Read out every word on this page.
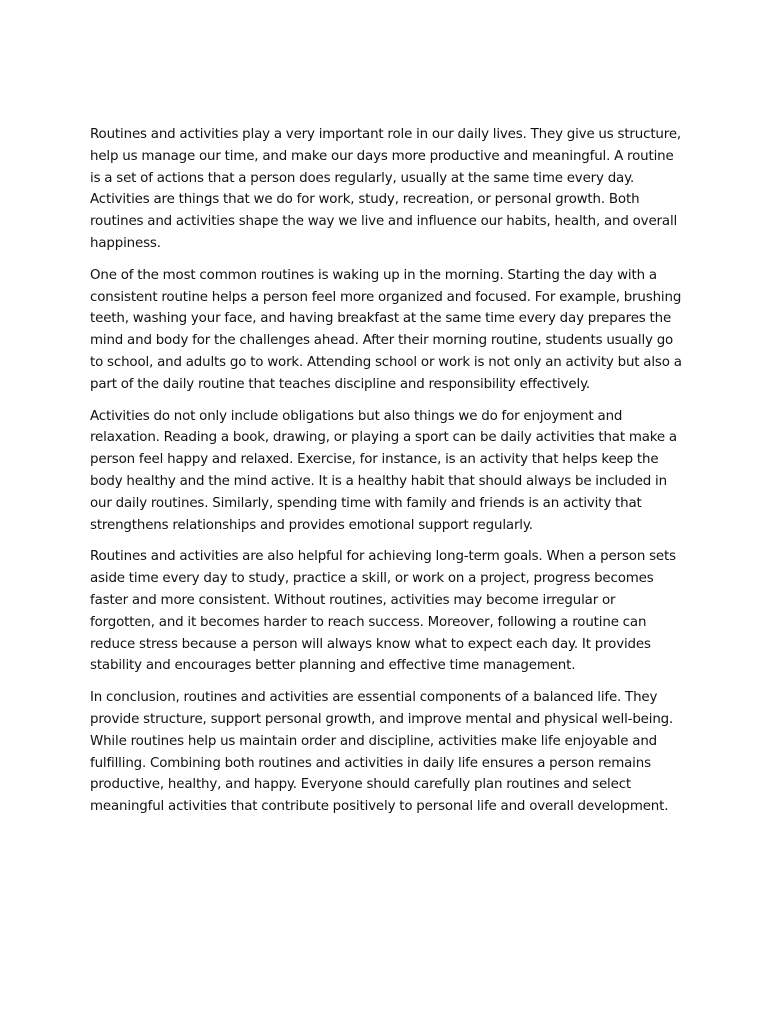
Routines and activities play a very important role in our daily lives. They give us structure, help us manage our time, and make our days more productive and meaningful. A routine is a set of actions that a person does regularly, usually at the same time every day. Activities are things that we do for work, study, recreation, or personal growth. Both routines and activities shape the way we live and influence our habits, health, and overall happiness.

One of the most common routines is waking up in the morning. Starting the day with a consistent routine helps a person feel more organized and focused. For example, brushing teeth, washing your face, and having breakfast at the same time every day prepares the mind and body for the challenges ahead. After their morning routine, students usually go to school, and adults go to work. Attending school or work is not only an activity but also a part of the daily routine that teaches discipline and responsibility effectively.

Activities do not only include obligations but also things we do for enjoyment and relaxation. Reading a book, drawing, or playing a sport can be daily activities that make a person feel happy and relaxed. Exercise, for instance, is an activity that helps keep the body healthy and the mind active. It is a healthy habit that should always be included in our daily routines. Similarly, spending time with family and friends is an activity that strengthens relationships and provides emotional support regularly.

Routines and activities are also helpful for achieving long-term goals. When a person sets aside time every day to study, practice a skill, or work on a project, progress becomes faster and more consistent. Without routines, activities may become irregular or forgotten, and it becomes harder to reach success. Moreover, following a routine can reduce stress because a person will always know what to expect each day. It provides stability and encourages better planning and effective time management.

In conclusion, routines and activities are essential components of a balanced life. They provide structure, support personal growth, and improve mental and physical well-being. While routines help us maintain order and discipline, activities make life enjoyable and fulfilling. Combining both routines and activities in daily life ensures a person remains productive, healthy, and happy. Everyone should carefully plan routines and select meaningful activities that contribute positively to personal life and overall development.
